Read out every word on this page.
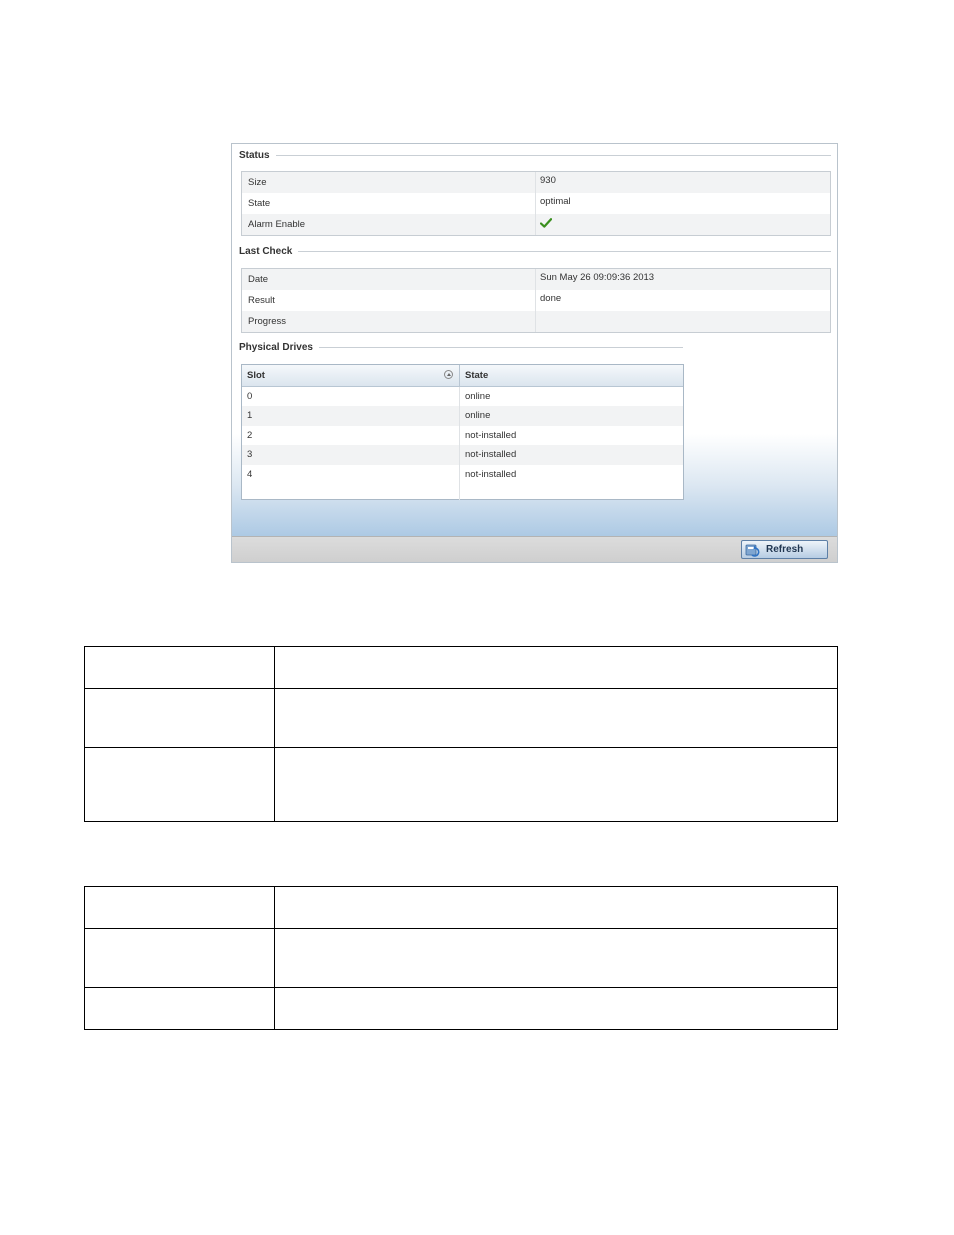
Status
Size	930
State	optimal
Alarm Enable
Last Check
Date	Sun May 26 09:09:36 2013
Result	done
Progress
Physical Drives
Slot	State
0	online
1	online
2	not-installed
3	not-installed
4	not-installed
Refresh
